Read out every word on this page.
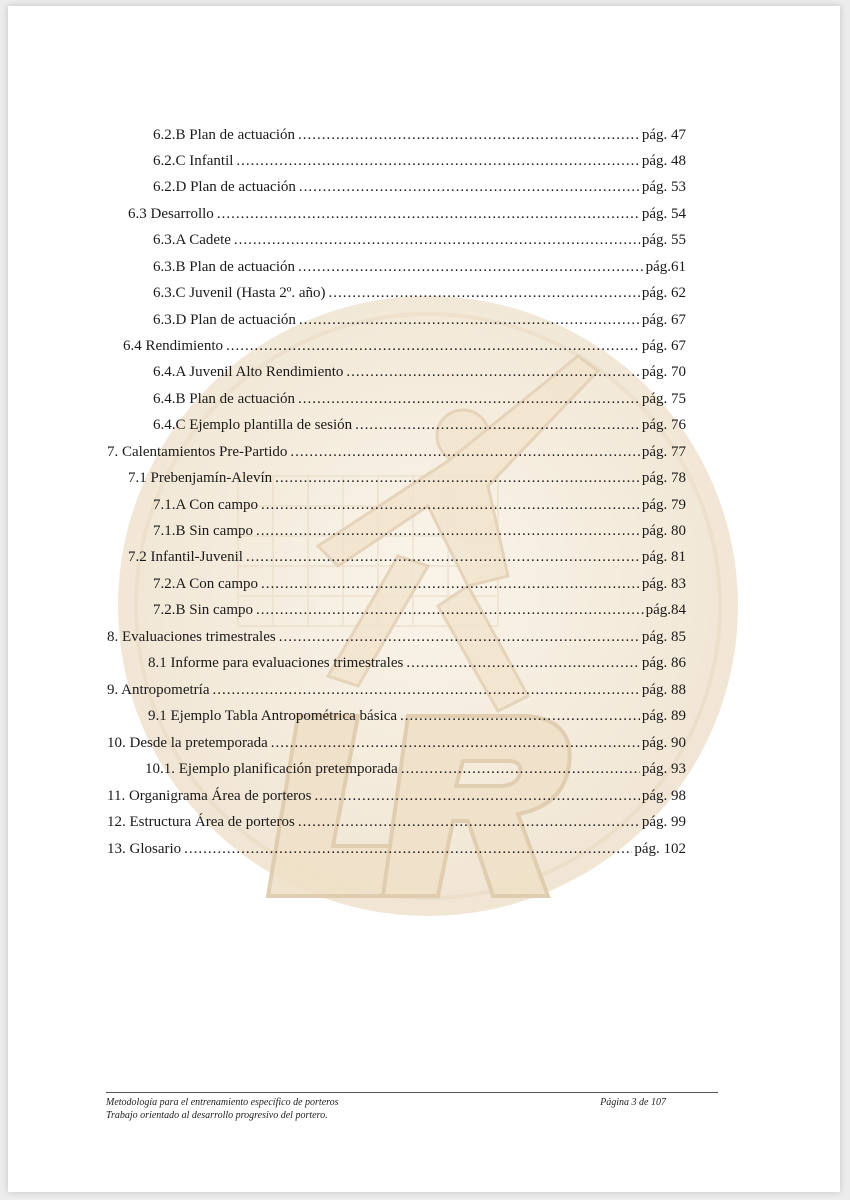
6.2.B Plan de actuación .....	pág. 47
6.2.C Infantil .....	pág. 48
6.2.D Plan de actuación .....	pág. 53
6.3 Desarrollo .....	pág. 54
6.3.A Cadete .....	pág. 55
6.3.B Plan de actuación .....	pág.61
6.3.C Juvenil (Hasta 2º. año) .....	pág. 62
6.3.D Plan de actuación .....	pág. 67
6.4 Rendimiento .....	pág. 67
6.4.A Juvenil Alto Rendimiento .....	pág. 70
6.4.B Plan de actuación .....	pág. 75
6.4.C Ejemplo plantilla de sesión .....	pág. 76
7. Calentamientos Pre-Partido .....	pág. 77
7.1 Prebenjamín-Alevín .....	pág. 78
7.1.A Con campo .....	pág. 79
7.1.B Sin campo .....	pág. 80
7.2 Infantil-Juvenil .....	pág. 81
7.2.A Con campo .....	pág. 83
7.2.B Sin campo .....	pág.84
8. Evaluaciones trimestrales .....	pág. 85
8.1 Informe para evaluaciones trimestrales .....	pág. 86
9. Antropometría .....	pág. 88
9.1 Ejemplo Tabla Antropométrica básica .....	pág. 89
10. Desde la pretemporada .....	pág. 90
10.1. Ejemplo planificación pretemporada .....	pág. 93
11. Organigrama Área de porteros .....	pág. 98
12. Estructura Área de porteros .....	pág. 99
13. Glosario .....	pág. 102
Metodología para el entrenamiento específico de porteros	Página 3 de 107
Trabajo orientado al desarrollo progresivo del portero.
